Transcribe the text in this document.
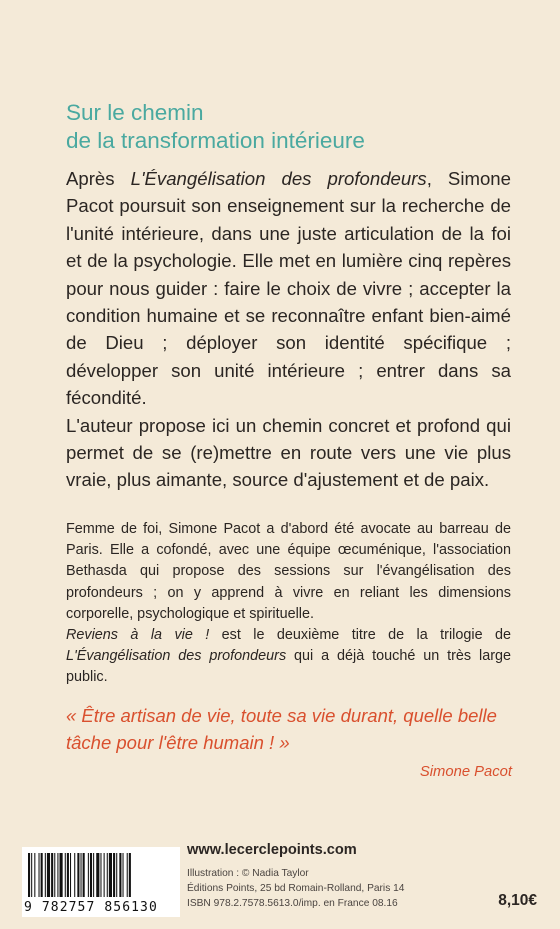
Sur le chemin
de la transformation intérieure

Après L'Évangélisation des profondeurs, Simone Pacot poursuit son enseignement sur la recherche de l'unité intérieure, dans une juste articulation de la foi et de la psychologie. Elle met en lumière cinq repères pour nous guider : faire le choix de vivre ; accepter la condition humaine et se reconnaître enfant bien-aimé de Dieu ; déployer son identité spécifique ; développer son unité intérieure ; entrer dans sa fécondité.

L'auteur propose ici un chemin concret et profond qui permet de se (re)mettre en route vers une vie plus vraie, plus aimante, source d'ajustement et de paix.

Femme de foi, Simone Pacot a d'abord été avocate au barreau de Paris. Elle a cofondé, avec une équipe œcuménique, l'association Bethasda qui propose des sessions sur l'évangélisation des profondeurs ; on y apprend à vivre en reliant les dimensions corporelle, psychologique et spirituelle.

Reviens à la vie ! est le deuxième titre de la trilogie de L'Évangélisation des profondeurs qui a déjà touché un très large public.

« Être artisan de vie, toute sa vie durant, quelle belle tâche pour l'être humain ! »

Simone Pacot
9 782757 856130
www.lecerclepoints.com
Illustration : © Nadia Taylor
Éditions Points, 25 bd Romain-Rolland, Paris 14
ISBN 978.2.7578.5613.0/imp. en France 08.16	8,10€
